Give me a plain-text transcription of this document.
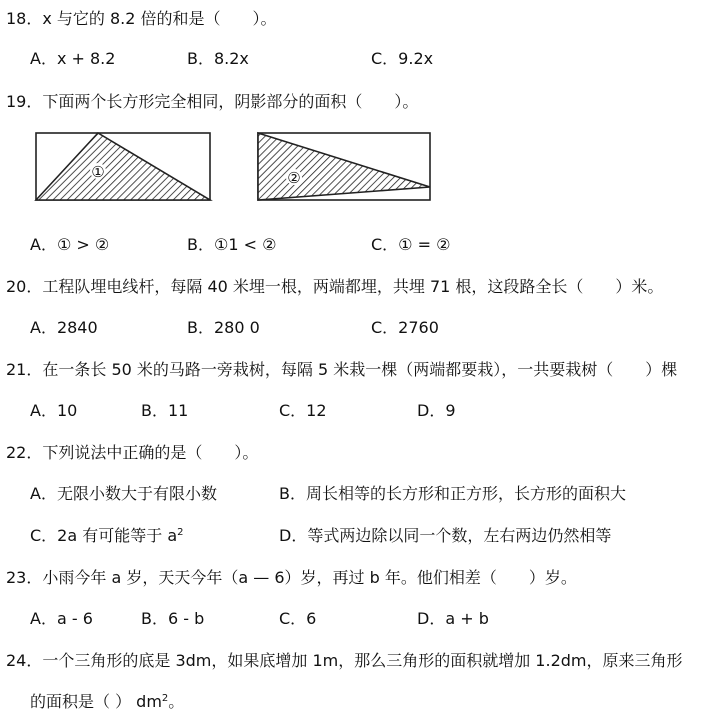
18．x 与它的 8.2 倍的和是（　　）。
A．x + 8.2	B．8.2x	C．9.2x
19．下面两个长方形完全相同，阴影部分的面积（　　）。
①	②
A．① > ②	B．①1 < ②	C．① = ②
20．工程队埋电线杆，每隔 40 米埋一根，两端都埋，共埋 71 根，这段路全长（　　）米。
A．2840	B．280 0	C．2760
21．在一条长 50 米的马路一旁栽树，每隔 5 米栽一棵（两端都要栽），一共要栽树（　　）棵
A．10	B．11	C．12	D．9
22．下列说法中正确的是（　　）。
A．无限小数大于有限小数	B．周长相等的长方形和正方形，长方形的面积大
C．2a 有可能等于 $a^2$	D．等式两边除以同一个数，左右两边仍然相等
23．小雨今年 a 岁，天天今年（a — 6）岁，再过 b 年。他们相差（　　）岁。
A．a - 6	B．6 - b	C．6	D．a + b
24．一个三角形的底是 3dm，如果底增加 1m，那么三角形的面积就增加 1.2dm，原来三角形
的面积是（ ） $dm^2$。
